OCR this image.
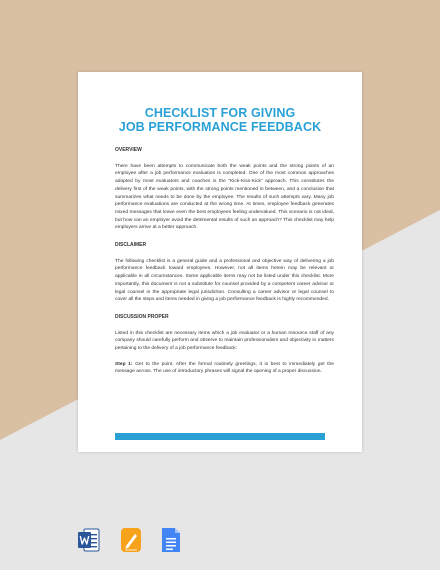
CHECKLIST FOR GIVING
JOB PERFORMANCE FEEDBACK

OVERVIEW

There have been attempts to communicate both the weak points and the strong points of an employee after a job performance evaluation is completed. One of the most common approaches adopted by most evaluators and coaches is the “Kick-Kiss-Kick” approach. This constitutes the delivery first of the weak points, with the strong points mentioned in between, and a conclusion that summarizes what needs to be done by the employee. The results of such attempts vary. Many job performance evaluations are conducted at the wrong time. At times, employee feedback generates mixed messages that leave even the best employees feeling undervalued. This scenario is not ideal, but how can an employer avoid the detrimental results of such an approach? This checklist may help employers arrive at a better approach.

DISCLAIMER

The following checklist is a general guide and a professional and objective way of delivering a job performance feedback toward employees. However, not all items herein may be relevant or applicable in all circumstances. Some applicable items may not be listed under this checklist. More importantly, this document is not a substitute for counsel provided by a competent career advisor or legal counsel in the appropriate legal jurisdiction. Consulting a career advisor or legal counsel to cover all the steps and items needed in giving a job performance feedback is highly recommended.

DISCUSSION PROPER

Listed in this checklist are necessary items which a job evaluator or a human resource staff of any company should carefully perform and observe to maintain professionalism and objectivity in matters pertaining to the delivery of a job performance feedback:

Step 1: Get to the point. After the formal routinely greetings, it is best to immediately get the message across. The use of introductory phrases will signal the opening of a proper discussion.
